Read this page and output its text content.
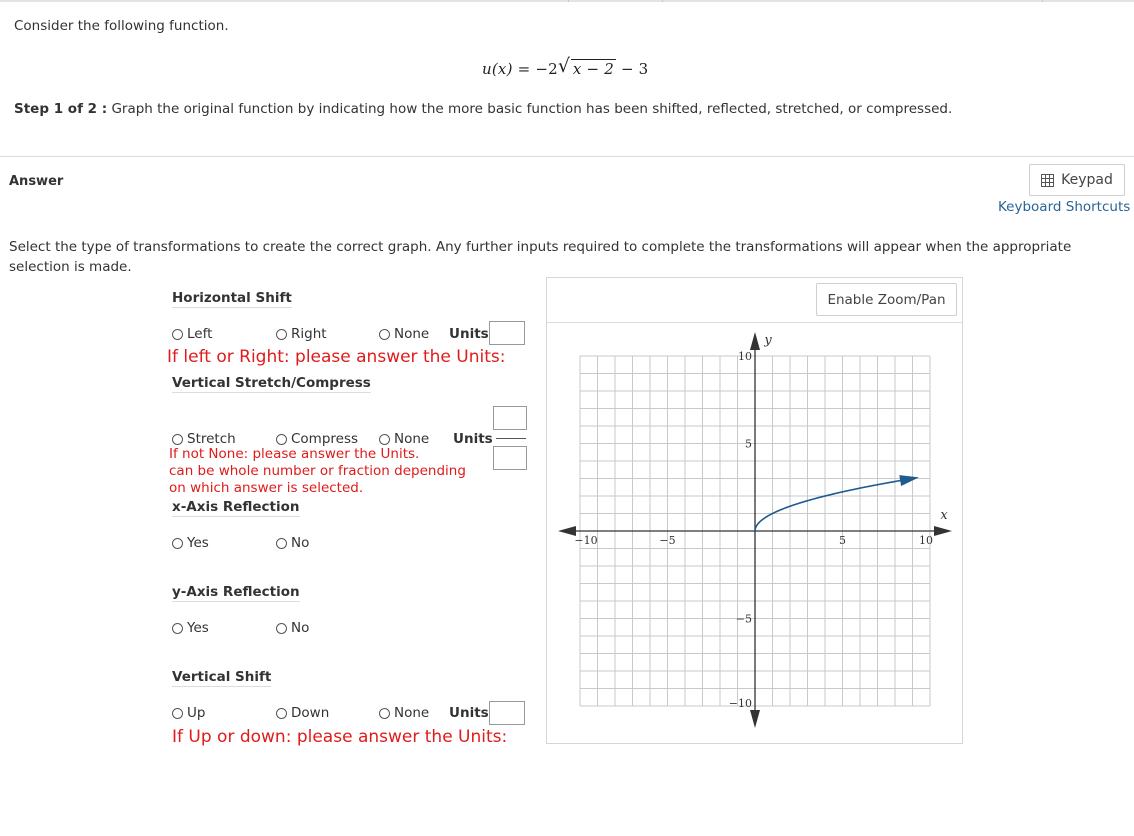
Consider the following function.
u(x) = −2 √ x − 2 − 3
Step 1 of 2 : Graph the original function by indicating how the more basic function has been shifted, reflected, stretched, or compressed.
Answer	Keypad
Keyboard Shortcuts
Select the type of transformations to create the correct graph. Any further inputs required to complete the transformations will appear when the appropriate selection is made.
Horizontal Shift
Left	Right	None Units
If left or Right: please answer the Units:
Vertical Stretch/Compress
Stretch	Compress	None Units
If not None: please answer the Units.
can be whole number or fraction depending
on which answer is selected.
x-Axis Reflection
Yes	No
y-Axis Reflection
Yes	No
Vertical Shift
Up	Down	None Units
If Up or down: please answer the Units:
Enable Zoom/Pan
−10	−5	5	10
10
5
−5
−10
x
y
